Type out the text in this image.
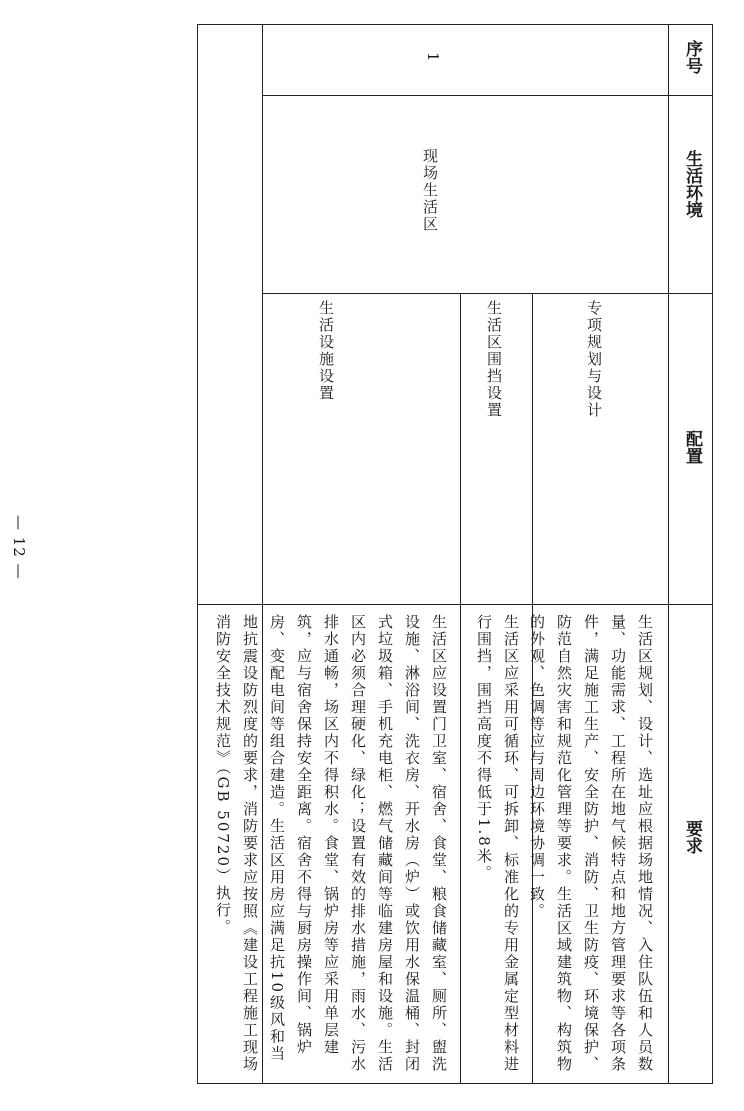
序号
生活环境
配置
要求
1
现场生活区
专项规划与设计
生活区围挡设置
生活设施设置
生活区规划、设计、选址应根据场地情况、入住队伍和人员数量、功能需求、工程所在地气候特点和地方管理要求等各项条件，满足施工生产、安全防护、消防、卫生防疫、环境保护、防范自然灾害和规范化管理等要求。生活区域建筑物、构筑物的外观、色调等应与周边环境协调一致。
生活区应采用可循环、可拆卸、标准化的专用金属定型材料进行围挡，围挡高度不得低于1.8米。
生活区应设置门卫室、宿舍、食堂、粮食储藏室、厕所、盥洗设施、淋浴间、洗衣房、开水房（炉）或饮用水保温桶、封闭式垃圾箱、手机充电柜、燃气储藏间等临建房屋和设施。生活区内必须合理硬化、绿化；设置有效的排水措施，雨水、污水排水通畅，场区内不得积水。食堂、锅炉房等应采用单层建筑，应与宿舍保持安全距离。宿舍不得与厨房操作间、锅炉房、变配电间等组合建造。生活区用房应满足抗10级风和当地抗震设防烈度的要求，消防要求应按照《建设工程施工现场消防安全技术规范》（GB 50720）执行。
— 12 —
